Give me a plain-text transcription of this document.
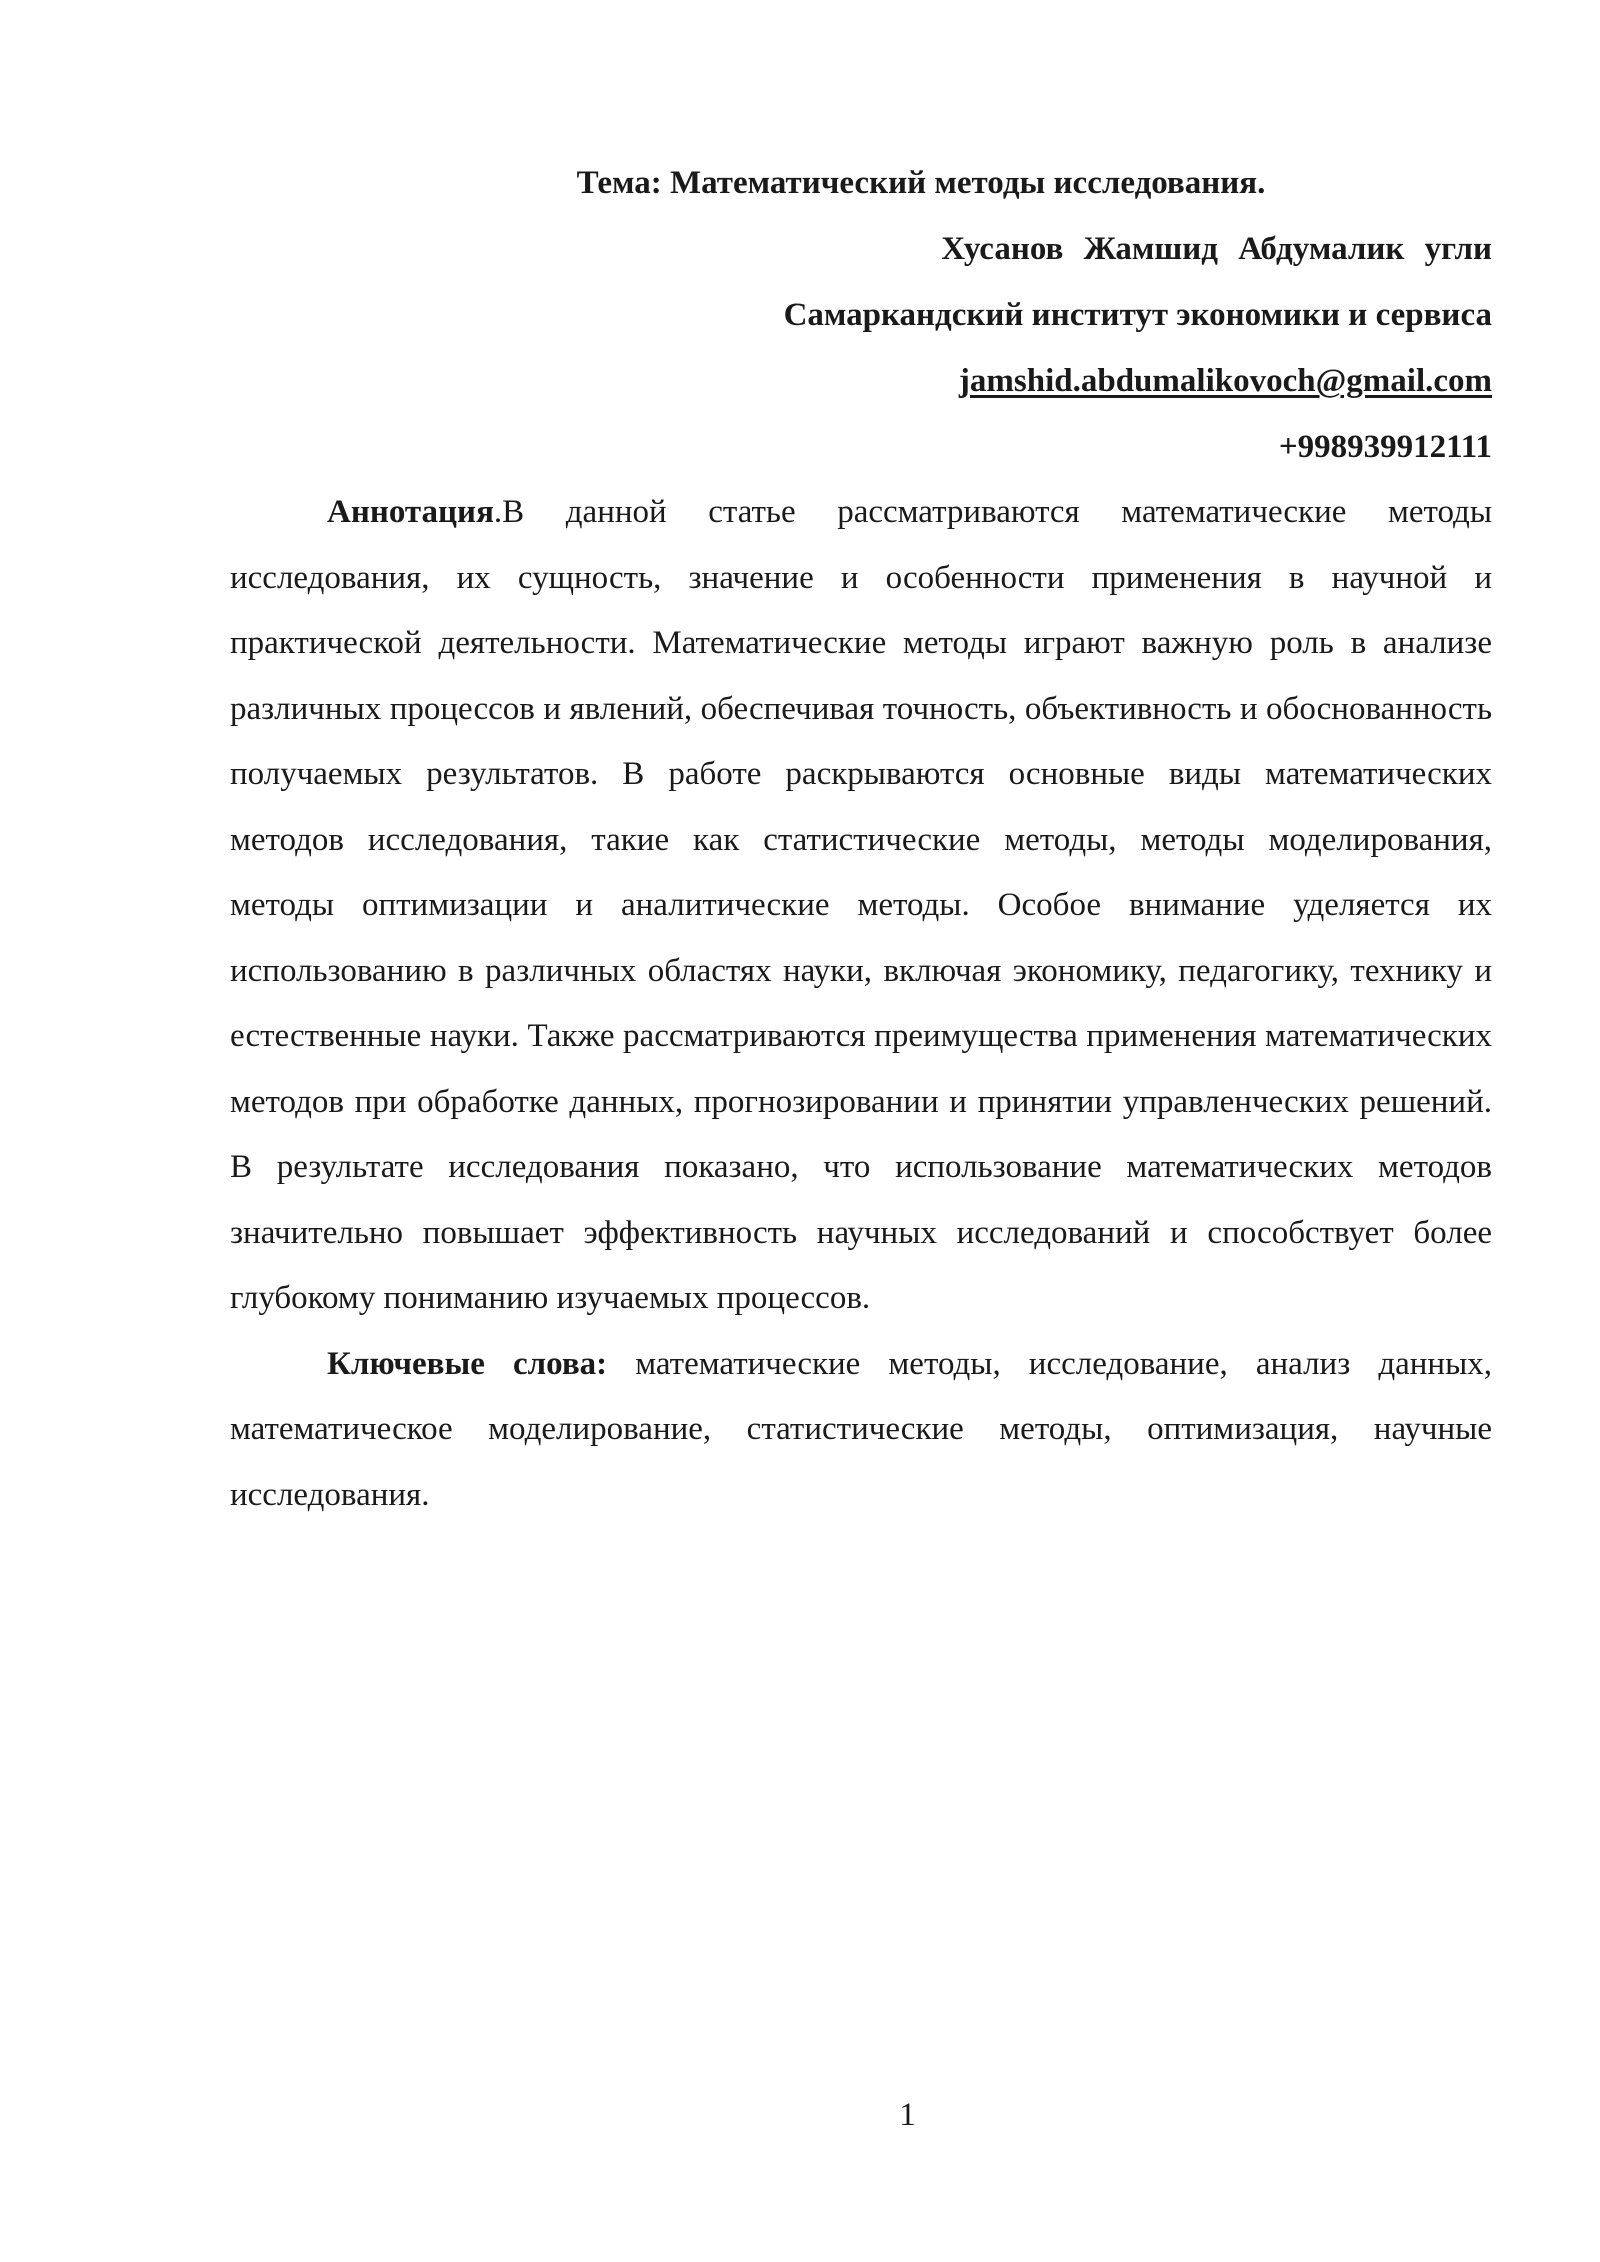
Тема: Математический методы исследования.

Хусанов Жамшид Абдумалик угли

Самаркандский институт экономики и сервиса

jamshid.abdumalikovoch@gmail.com

+998939912111

Аннотация.В данной статье рассматриваются математические методы исследования, их сущность, значение и особенности применения в научной и практической деятельности. Математические методы играют важную роль в анализе различных процессов и явлений, обеспечивая точность, объективность и обоснованность получаемых результатов. В работе раскрываются основные виды математических методов исследования, такие как статистические методы, методы моделирования, методы оптимизации и аналитические методы. Особое внимание уделяется их использованию в различных областях науки, включая экономику, педагогику, технику и естественные науки. Также рассматриваются преимущества применения математических методов при обработке данных, прогнозировании и принятии управленческих решений. В результате исследования показано, что использование математических методов значительно повышает эффективность научных исследований и способствует более глубокому пониманию изучаемых процессов.

Ключевые слова: математические методы, исследование, анализ данных, математическое моделирование, статистические методы, оптимизация, научные исследования.

1
